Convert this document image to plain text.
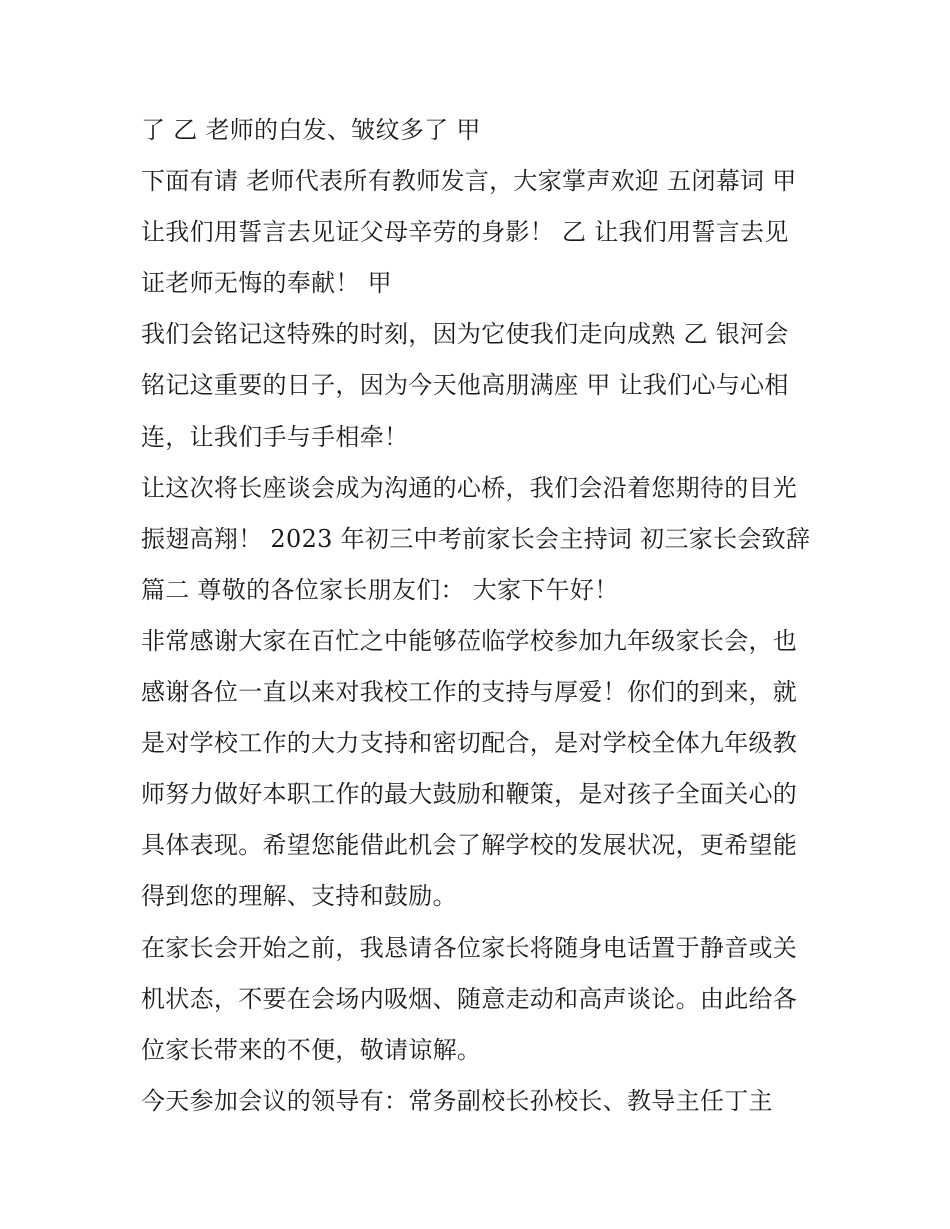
了 乙 老师的白发、皱纹多了 甲
下面有请 老师代表所有教师发言，大家掌声欢迎 五闭幕词 甲
让我们用誓言去见证父母辛劳的身影！ 乙 让我们用誓言去见
证老师无悔的奉献！ 甲
我们会铭记这特殊的时刻，因为它使我们走向成熟 乙 银河会
铭记这重要的日子，因为今天他高朋满座 甲 让我们心与心相
连，让我们手与手相牵！
让这次将长座谈会成为沟通的心桥，我们会沿着您期待的目光
振翅高翔！ 2023 年初三中考前家长会主持词 初三家长会致辞
篇二 尊敬的各位家长朋友们： 大家下午好！
非常感谢大家在百忙之中能够莅临学校参加九年级家长会，也
感谢各位一直以来对我校工作的支持与厚爱！你们的到来，就
是对学校工作的大力支持和密切配合，是对学校全体九年级教
师努力做好本职工作的最大鼓励和鞭策，是对孩子全面关心的
具体表现。希望您能借此机会了解学校的发展状况，更希望能
得到您的理解、支持和鼓励。
在家长会开始之前，我恳请各位家长将随身电话置于静音或关
机状态，不要在会场内吸烟、随意走动和高声谈论。由此给各
位家长带来的不便，敬请谅解。
今天参加会议的领导有：常务副校长孙校长、教导主任丁主
